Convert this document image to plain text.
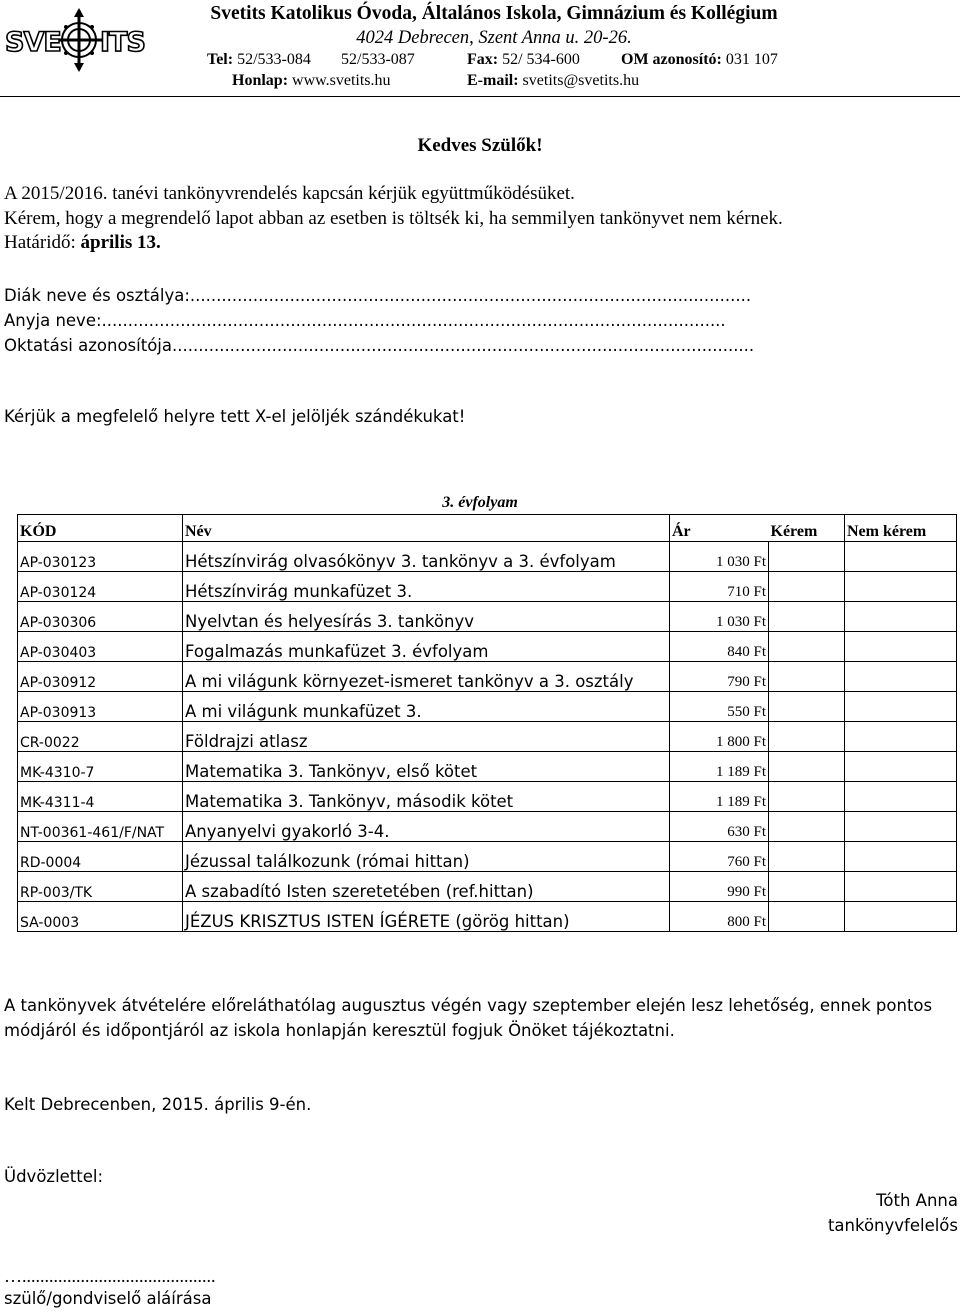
SVE ITS
SVETITS	Svetits Katolikus Óvoda, Általános Iskola, Gimnázium és Kollégium
4024 Debrecen, Szent Anna u. 20-26.
Tel: 52/533-084 52/533-087	Fax: 52/ 534-600	OM azonosító: 031 107
Honlap: www.svetits.hu	E-mail: svetits@svetits.hu
Kedves Szülők!
A 2015/2016. tanévi tankönyvrendelés kapcsán kérjük együttműködésüket.
Kérem, hogy a megrendelő lapot abban az esetben is töltsék ki, ha semmilyen tankönyvet nem kérnek.
Határidő: április 13.
Diák neve és osztálya:...........................................................................................................
Anyja neve:.......................................................................................................................
Oktatási azonosítója...............................................................................................................
Kérjük a megfelelő helyre tett X-el jelöljék szándékukat!
3. évfolyam
KÓD	Név	Ár	Kérem	Nem kérem
AP-030123	Hétszínvirág olvasókönyv 3. tankönyv a 3. évfolyam	1 030 Ft		
AP-030124	Hétszínvirág munkafüzet 3.	710 Ft		
AP-030306	Nyelvtan és helyesírás 3. tankönyv	1 030 Ft		
AP-030403	Fogalmazás munkafüzet 3. évfolyam	840 Ft		
AP-030912	A mi világunk környezet-ismeret tankönyv a 3. osztály	790 Ft		
AP-030913	A mi világunk munkafüzet 3.	550 Ft		
CR-0022	Földrajzi atlasz	1 800 Ft		
MK-4310-7	Matematika 3. Tankönyv, első kötet	1 189 Ft		
MK-4311-4	Matematika 3. Tankönyv, második kötet	1 189 Ft		
NT-00361-461/F/NAT	Anyanyelvi gyakorló 3-4.	630 Ft		
RD-0004	Jézussal találkozunk (római hittan)	760 Ft		
RP-003/TK	A szabadító Isten szeretetében (ref.hittan)	990 Ft		
SA-0003	JÉZUS KRISZTUS ISTEN ÍGÉRETE (görög hittan)	800 Ft		
A tankönyvek átvételére előreláthatólag augusztus végén vagy szeptember elején lesz lehetőség, ennek pontos
módjáról és időpontjáról az iskola honlapján keresztül fogjuk Önöket tájékoztatni.
Kelt Debrecenben, 2015. április 9-én.
Üdvözlettel:
Tóth Anna
tankönyvfelelős
…...........................................
szülő/gondviselő aláírása
